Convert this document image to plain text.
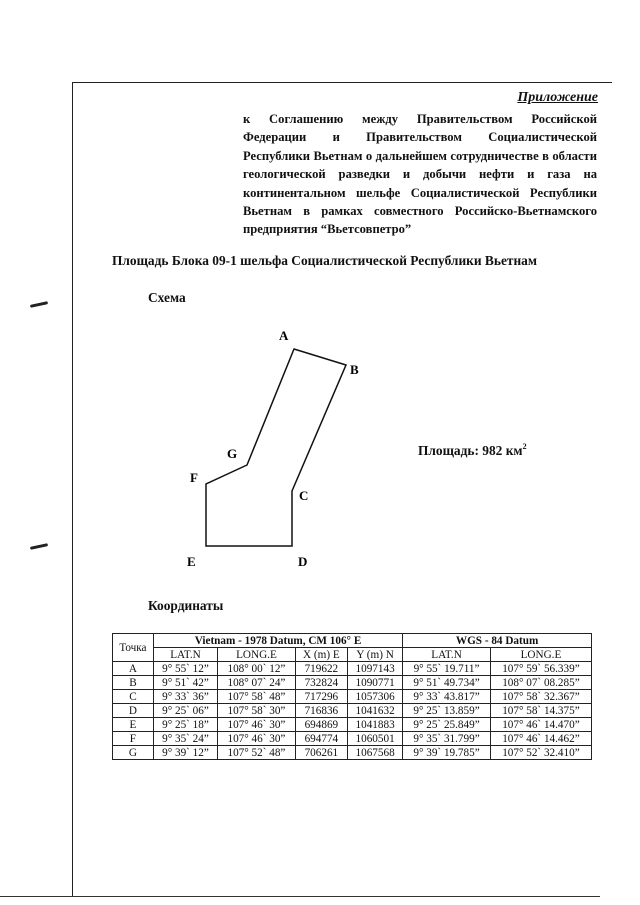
Приложение
к Соглашению между Правительством Российской Федерации и Правительством Социалистической Республики Вьетнам о дальнейшем сотрудничестве в области геологической разведки и добычи нефти и газа на континентальном шельфе Социалистической Республики Вьетнам в рамках совместного Российско-Вьетнамского предприятия “Вьетсовпетро”
Площадь Блока 09-1 шельфа Социалистической Республики Вьетнам
Схема
A
B
C
D
E
F
G	Площадь: 982 $км^2$
Координаты
Точка	Vietnam - 1978 Datum, CM 106° E				WGS - 84 Datum	
	LAT.N	LONG.E	X (m) E	Y (m) N	LAT.N	LONG.E
A	9° 55` 12”	108° 00` 12”	719622	1097143	9° 55` 19.711”	107° 59` 56.339”
B	9° 51` 42”	108° 07` 24”	732824	1090771	9° 51` 49.734”	108° 07` 08.285”
C	9° 33` 36”	107° 58` 48”	717296	1057306	9° 33` 43.817”	107° 58` 32.367”
D	9° 25` 06”	107° 58` 30”	716836	1041632	9° 25` 13.859”	107° 58` 14.375”
E	9° 25` 18”	107° 46` 30”	694869	1041883	9° 25` 25.849”	107° 46` 14.470”
F	9° 35` 24”	107° 46` 30”	694774	1060501	9° 35` 31.799”	107° 46` 14.462”
G	9° 39` 12”	107° 52` 48”	706261	1067568	9° 39` 19.785”	107° 52` 32.410”
